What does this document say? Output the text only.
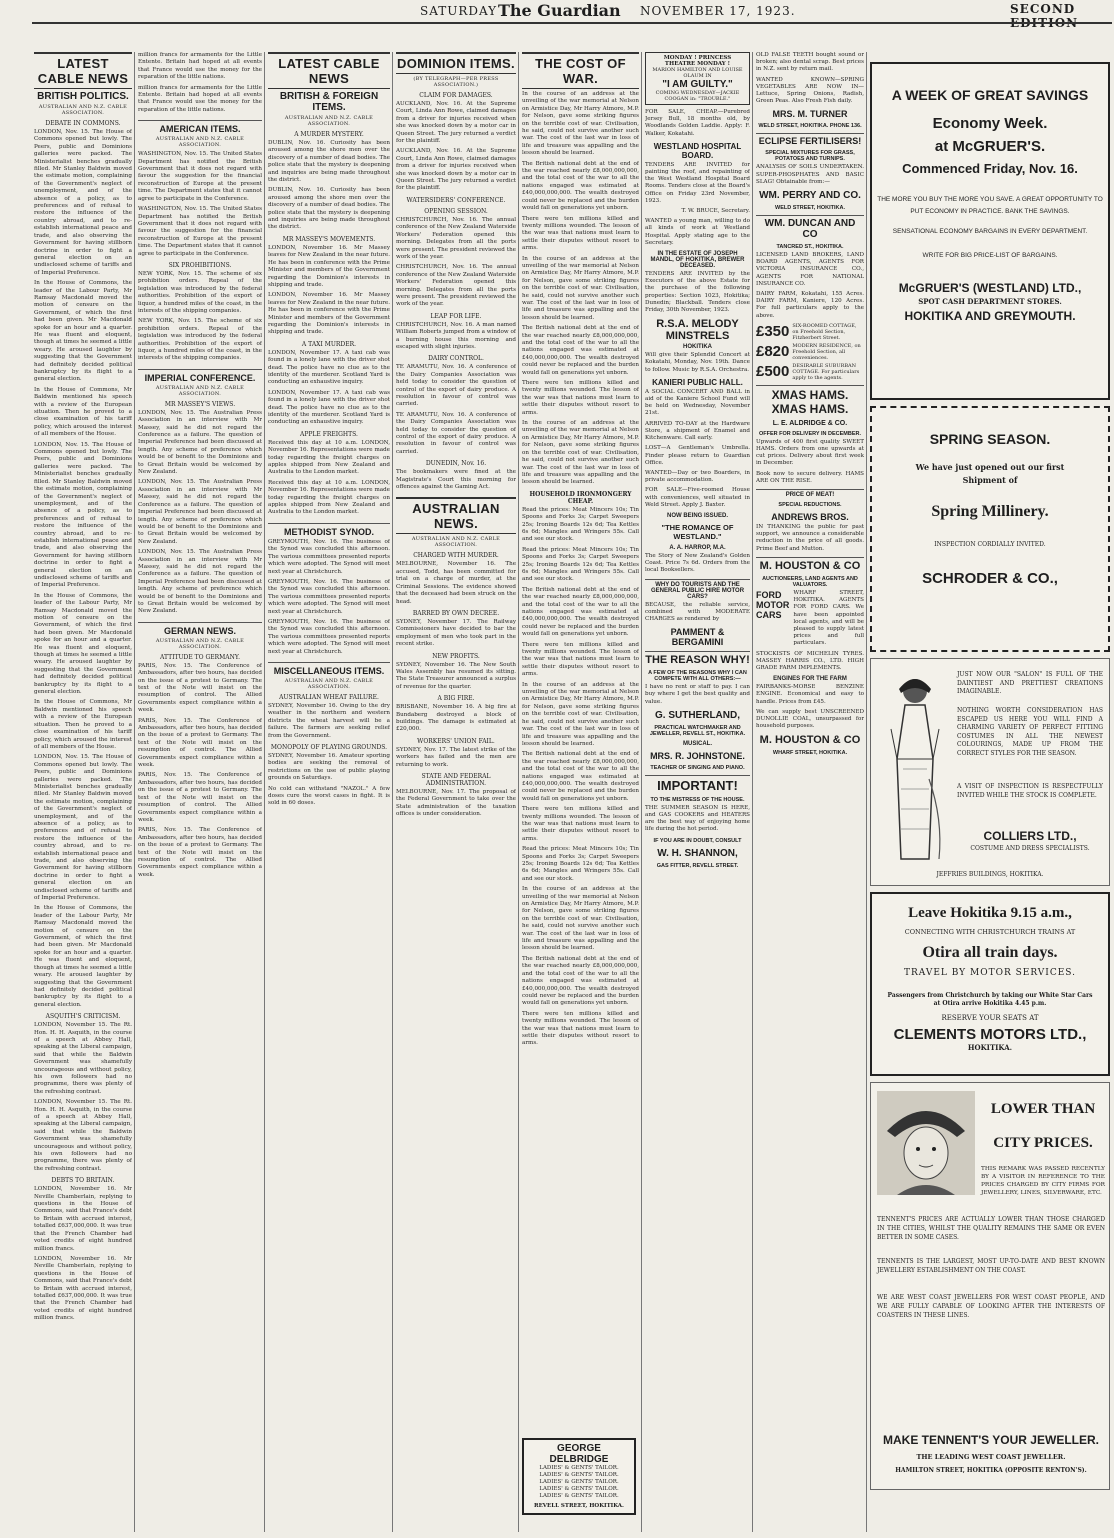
SATURDAY The Guardian NOVEMBER 17, 1923.	SECOND EDITION
LATEST CABLE NEWS
BRITISH POLITICS.
AUSTRALIAN AND N.Z. CABLE ASSOCIATION.
DEBATE IN COMMONS.

LONDON, Nov. 15. The House of Commons opened but lowly. The Peers, public and Dominions galleries were packed. The Ministerialist benches gradually filled. Mr Stanley Baldwin moved the estimate motion, complaining of the Government's neglect of unemployment, and of the absence of a policy, as to preferences and of refusal to restore the influence of the country abroad, and to re-establish international peace and trade, and also observing the Government for having stillborn doctrine in order to fight a general election on an undisclosed scheme of tariffs and of Imperial Preference.

In the House of Commons, the leader of the Labour Party, Mr Ramsay Macdonald moved the motion of censure on the Government, of which the first had been given. Mr Macdonald spoke for an hour and a quarter. He was fluent and eloquent, though at times he seemed a little weary. He aroused laughter by suggesting that the Government had definitely decided political bankruptcy by its flight to a general election.

In the House of Commons, Mr Baldwin mentioned his speech with a review of the European situation. Then he proved to a close examination of his tariff policy, which aroused the interest of all members of the House.

LONDON, Nov. 15. The House of Commons opened but lowly. The Peers, public and Dominions galleries were packed. The Ministerialist benches gradually filled. Mr Stanley Baldwin moved the estimate motion, complaining of the Government's neglect of unemployment, and of the absence of a policy, as to preferences and of refusal to restore the influence of the country abroad, and to re-establish international peace and trade, and also observing the Government for having stillborn doctrine in order to fight a general election on an undisclosed scheme of tariffs and of Imperial Preference.

In the House of Commons, the leader of the Labour Party, Mr Ramsay Macdonald moved the motion of censure on the Government, of which the first had been given. Mr Macdonald spoke for an hour and a quarter. He was fluent and eloquent, though at times he seemed a little weary. He aroused laughter by suggesting that the Government had definitely decided political bankruptcy by its flight to a general election.

In the House of Commons, Mr Baldwin mentioned his speech with a review of the European situation. Then he proved to a close examination of his tariff policy, which aroused the interest of all members of the House.

LONDON, Nov. 15. The House of Commons opened but lowly. The Peers, public and Dominions galleries were packed. The Ministerialist benches gradually filled. Mr Stanley Baldwin moved the estimate motion, complaining of the Government's neglect of unemployment, and of the absence of a policy, as to preferences and of refusal to restore the influence of the country abroad, and to re-establish international peace and trade, and also observing the Government for having stillborn doctrine in order to fight a general election on an undisclosed scheme of tariffs and of Imperial Preference.

In the House of Commons, the leader of the Labour Party, Mr Ramsay Macdonald moved the motion of censure on the Government, of which the first had been given. Mr Macdonald spoke for an hour and a quarter. He was fluent and eloquent, though at times he seemed a little weary. He aroused laughter by suggesting that the Government had definitely decided political bankruptcy by its flight to a general election.

ASQUITH'S CRITICISM.

LONDON, November 15. The Rt. Hon. H. H. Asquith, in the course of a speech at Abbey Hall, speaking at the Liberal campaign, said that while the Baldwin Government was shamefully uncourageous and without policy, his own followers had no programme, there was plenty of the refreshing contrast.

LONDON, November 15. The Rt. Hon. H. H. Asquith, in the course of a speech at Abbey Hall, speaking at the Liberal campaign, said that while the Baldwin Government was shamefully uncourageous and without policy, his own followers had no programme, there was plenty of the refreshing contrast.

DEBTS TO BRITAIN.

LONDON, November 16. Mr Neville Chamberlain, replying to questions in the House of Commons, said that France's debt to Britain with accrued interest, totalled £637,000,000. It was true that the French Chamber had voted credits of eight hundred million francs.

LONDON, November 16. Mr Neville Chamberlain, replying to questions in the House of Commons, said that France's debt to Britain with accrued interest, totalled £637,000,000. It was true that the French Chamber had voted credits of eight hundred million francs.

million francs for armaments for the Little Entente. Britain had hoped at all events that France would use the money for the reparation of the little nations.

million francs for armaments for the Little Entente. Britain had hoped at all events that France would use the money for the reparation of the little nations.

AMERICAN ITEMS.
AUSTRALIAN AND N.Z. CABLE ASSOCIATION.

WASHINGTON, Nov. 15. The United States Department has notified the British Government that it does not regard with favour the suggestion for the financial reconstruction of Europe at the present time. The Department states that it cannot agree to participate in the Conference.

WASHINGTON, Nov. 15. The United States Department has notified the British Government that it does not regard with favour the suggestion for the financial reconstruction of Europe at the present time. The Department states that it cannot agree to participate in the Conference.

SIX PROHIBITIONS.

NEW YORK, Nov. 15. The scheme of six prohibition orders. Repeal of the legislation was introduced by the federal authorities. Prohibition of the export of liquor, a hundred miles of the coast, in the interests of the shipping companies.

NEW YORK, Nov. 15. The scheme of six prohibition orders. Repeal of the legislation was introduced by the federal authorities. Prohibition of the export of liquor, a hundred miles of the coast, in the interests of the shipping companies.

IMPERIAL CONFERENCE.
AUSTRALIAN AND N.Z. CABLE ASSOCIATION.
MR MASSEY'S VIEWS.

LONDON, Nov. 15. The Australian Press Association in an interview with Mr Massey, said he did not regard the Conference as a failure. The question of Imperial Preference had been discussed at length. Any scheme of preference which would be of benefit to the Dominions and to Great Britain would be welcomed by New Zealand.

LONDON, Nov. 15. The Australian Press Association in an interview with Mr Massey, said he did not regard the Conference as a failure. The question of Imperial Preference had been discussed at length. Any scheme of preference which would be of benefit to the Dominions and to Great Britain would be welcomed by New Zealand.

LONDON, Nov. 15. The Australian Press Association in an interview with Mr Massey, said he did not regard the Conference as a failure. The question of Imperial Preference had been discussed at length. Any scheme of preference which would be of benefit to the Dominions and to Great Britain would be welcomed by New Zealand.

GERMAN NEWS.
AUSTRALIAN AND N.Z. CABLE ASSOCIATION.
ATTITUDE TO GERMANY.

PARIS, Nov. 15. The Conference of Ambassadors, after two hours, has decided on the issue of a protest to Germany. The text of the Note will insist on the resumption of control. The Allied Governments expect compliance within a week.

PARIS, Nov. 15. The Conference of Ambassadors, after two hours, has decided on the issue of a protest to Germany. The text of the Note will insist on the resumption of control. The Allied Governments expect compliance within a week.

PARIS, Nov. 15. The Conference of Ambassadors, after two hours, has decided on the issue of a protest to Germany. The text of the Note will insist on the resumption of control. The Allied Governments expect compliance within a week.

PARIS, Nov. 15. The Conference of Ambassadors, after two hours, has decided on the issue of a protest to Germany. The text of the Note will insist on the resumption of control. The Allied Governments expect compliance within a week.

LATEST CABLE NEWS
BRITISH & FOREIGN ITEMS.
AUSTRALIAN AND N.Z. CABLE ASSOCIATION.
A MURDER MYSTERY.

DUBLIN, Nov. 16. Curiosity has been aroused among the shore men over the discovery of a number of dead bodies. The police state that the mystery is deepening and inquiries are being made throughout the district.

DUBLIN, Nov. 16. Curiosity has been aroused among the shore men over the discovery of a number of dead bodies. The police state that the mystery is deepening and inquiries are being made throughout the district.

MR MASSEY'S MOVEMENTS.

LONDON, November 16. Mr Massey leaves for New Zealand in the near future. He has been in conference with the Prime Minister and members of the Government regarding the Dominion's interests in shipping and trade.

LONDON, November 16. Mr Massey leaves for New Zealand in the near future. He has been in conference with the Prime Minister and members of the Government regarding the Dominion's interests in shipping and trade.

A TAXI MURDER.

LONDON, November 17. A taxi cab was found in a lonely lane with the driver shot dead. The police have no clue as to the identity of the murderer. Scotland Yard is conducting an exhaustive inquiry.

LONDON, November 17. A taxi cab was found in a lonely lane with the driver shot dead. The police have no clue as to the identity of the murderer. Scotland Yard is conducting an exhaustive inquiry.

APPLE FREIGHTS.

Received this day at 10 a.m. LONDON, November 16. Representations were made today regarding the freight charges on apples shipped from New Zealand and Australia to the London market.

Received this day at 10 a.m. LONDON, November 16. Representations were made today regarding the freight charges on apples shipped from New Zealand and Australia to the London market.

METHODIST SYNOD.

GREYMOUTH, Nov. 16. The business of the Synod was concluded this afternoon. The various committees presented reports which were adopted. The Synod will meet next year at Christchurch.

GREYMOUTH, Nov. 16. The business of the Synod was concluded this afternoon. The various committees presented reports which were adopted. The Synod will meet next year at Christchurch.

GREYMOUTH, Nov. 16. The business of the Synod was concluded this afternoon. The various committees presented reports which were adopted. The Synod will meet next year at Christchurch.

MISCELLANEOUS ITEMS.
AUSTRALIAN AND N.Z. CABLE ASSOCIATION.
AUSTRALIAN WHEAT FAILURE.

SYDNEY, November 16. Owing to the dry weather in the northern and western districts the wheat harvest will be a failure. The farmers are seeking relief from the Government.

MONOPOLY OF PLAYING GROUNDS.

SYDNEY, November 16. Amateur sporting bodies are seeking the removal of restrictions on the use of public playing grounds on Saturdays.

No cold can withstand "NAZOL." A few doses cure the worst cases in fight. It is sold in 60 doses.

DOMINION ITEMS.
(BY TELEGRAPH—PER PRESS ASSOCIATION.)
CLAIM FOR DAMAGES.

AUCKLAND, Nov. 16. At the Supreme Court, Linda Ann Rowe, claimed damages from a driver for injuries received when she was knocked down by a motor car in Queen Street. The jury returned a verdict for the plaintiff.

AUCKLAND, Nov. 16. At the Supreme Court, Linda Ann Rowe, claimed damages from a driver for injuries received when she was knocked down by a motor car in Queen Street. The jury returned a verdict for the plaintiff.

WATERSIDERS' CONFERENCE.
OPENING SESSION.

CHRISTCHURCH, Nov. 16. The annual conference of the New Zealand Waterside Workers' Federation opened this morning. Delegates from all the ports were present. The president reviewed the work of the year.

CHRISTCHURCH, Nov. 16. The annual conference of the New Zealand Waterside Workers' Federation opened this morning. Delegates from all the ports were present. The president reviewed the work of the year.

LEAP FOR LIFE.

CHRISTCHURCH, Nov. 16. A man named William Roberts jumped from a window of a burning house this morning and escaped with slight injuries.

DAIRY CONTROL.

TE ARAMUTU, Nov. 16. A conference of the Dairy Companies Association was held today to consider the question of control of the export of dairy produce. A resolution in favour of control was carried.

TE ARAMUTU, Nov. 16. A conference of the Dairy Companies Association was held today to consider the question of control of the export of dairy produce. A resolution in favour of control was carried.

DUNEDIN, Nov. 16.

The bookmakers were fined at the Magistrate's Court this morning for offences against the Gaming Act.

AUSTRALIAN NEWS.
AUSTRALIAN AND N.Z. CABLE ASSOCIATION.
CHARGED WITH MURDER.

MELBOURNE, November 16. The accused, Todd, has been committed for trial on a charge of murder, at the Criminal Sessions. The evidence showed that the deceased had been struck on the head.

BARRED BY OWN DECREE.

SYDNEY, November 17. The Railway Commissioners have decided to bar the employment of men who took part in the recent strike.

NEW PROFITS.

SYDNEY, November 16. The New South Wales Assembly has resumed its sitting. The State Treasurer announced a surplus of revenue for the quarter.

A BIG FIRE.

BRISBANE, November 16. A big fire at Bundaberg destroyed a block of buildings. The damage is estimated at £20,000.

WORKERS' UNION FAIL.

SYDNEY, Nov. 17. The latest strike of the workers has failed and the men are returning to work.

STATE AND FEDERAL ADMINISTRATION.

MELBOURNE, Nov. 17. The proposal of the Federal Government to take over the State administration of the taxation offices is under consideration.

THE COST OF WAR.

In the course of an address at the unveiling of the war memorial at Nelson on Armistice Day, Mr Harry Atmore, M.P. for Nelson, gave some striking figures on the terrible cost of war. Civilisation, he said, could not survive another such war. The cost of the last war in loss of life and treasure was appalling and the lesson should be learned.

The British national debt at the end of the war reached nearly £8,000,000,000, and the total cost of the war to all the nations engaged was estimated at £40,000,000,000. The wealth destroyed could never be replaced and the burden would fall on generations yet unborn.

There were ten millions killed and twenty millions wounded. The lesson of the war was that nations must learn to settle their disputes without resort to arms.

In the course of an address at the unveiling of the war memorial at Nelson on Armistice Day, Mr Harry Atmore, M.P. for Nelson, gave some striking figures on the terrible cost of war. Civilisation, he said, could not survive another such war. The cost of the last war in loss of life and treasure was appalling and the lesson should be learned.

The British national debt at the end of the war reached nearly £8,000,000,000, and the total cost of the war to all the nations engaged was estimated at £40,000,000,000. The wealth destroyed could never be replaced and the burden would fall on generations yet unborn.

There were ten millions killed and twenty millions wounded. The lesson of the war was that nations must learn to settle their disputes without resort to arms.

In the course of an address at the unveiling of the war memorial at Nelson on Armistice Day, Mr Harry Atmore, M.P. for Nelson, gave some striking figures on the terrible cost of war. Civilisation, he said, could not survive another such war. The cost of the last war in loss of life and treasure was appalling and the lesson should be learned.

HOUSEHOLD IRONMONGERY CHEAP.

Read the prices: Meat Mincers 10s; Tin Spoons and Forks 3s; Carpet Sweepers 25s; Ironing Boards 12s 6d; Tea Kettles 6s 6d; Mangles and Wringers 55s. Call and see our stock.

Read the prices: Meat Mincers 10s; Tin Spoons and Forks 3s; Carpet Sweepers 25s; Ironing Boards 12s 6d; Tea Kettles 6s 6d; Mangles and Wringers 55s. Call and see our stock.

The British national debt at the end of the war reached nearly £8,000,000,000, and the total cost of the war to all the nations engaged was estimated at £40,000,000,000. The wealth destroyed could never be replaced and the burden would fall on generations yet unborn.

There were ten millions killed and twenty millions wounded. The lesson of the war was that nations must learn to settle their disputes without resort to arms.

In the course of an address at the unveiling of the war memorial at Nelson on Armistice Day, Mr Harry Atmore, M.P. for Nelson, gave some striking figures on the terrible cost of war. Civilisation, he said, could not survive another such war. The cost of the last war in loss of life and treasure was appalling and the lesson should be learned.

The British national debt at the end of the war reached nearly £8,000,000,000, and the total cost of the war to all the nations engaged was estimated at £40,000,000,000. The wealth destroyed could never be replaced and the burden would fall on generations yet unborn.

There were ten millions killed and twenty millions wounded. The lesson of the war was that nations must learn to settle their disputes without resort to arms.

Read the prices: Meat Mincers 10s; Tin Spoons and Forks 3s; Carpet Sweepers 25s; Ironing Boards 12s 6d; Tea Kettles 6s 6d; Mangles and Wringers 55s. Call and see our stock.

In the course of an address at the unveiling of the war memorial at Nelson on Armistice Day, Mr Harry Atmore, M.P. for Nelson, gave some striking figures on the terrible cost of war. Civilisation, he said, could not survive another such war. The cost of the last war in loss of life and treasure was appalling and the lesson should be learned.

The British national debt at the end of the war reached nearly £8,000,000,000, and the total cost of the war to all the nations engaged was estimated at £40,000,000,000. The wealth destroyed could never be replaced and the burden would fall on generations yet unborn.

There were ten millions killed and twenty millions wounded. The lesson of the war was that nations must learn to settle their disputes without resort to arms.

GEORGE DELBRIDGE
LADIES' & GENTS' TAILOR.
LADIES' & GENTS' TAILOR.
LADIES' & GENTS' TAILOR.
LADIES' & GENTS' TAILOR.
LADIES' & GENTS' TAILOR.
REVELL STREET, HOKITIKA.
MONDAY ! PRINCESS THEATRE MONDAY !
MARION HAMILTON AND LOUISE OLAUM IN
"I AM GUILTY."
COMING WEDNESDAY—JACKIE COOGAN in: "TROUBLE."

FOR SALE, CHEAP.—Purebred Jersey Bull, 18 months old, by Woodlands Golden Laddie. Apply: F. Walker, Kokatahi.

WESTLAND HOSPITAL BOARD.

TENDERS ARE INVITED for painting the roof, and repainting of the West Westland Hospital Board Rooms. Tenders close at the Board's Office on Friday 23rd November, 1923.

T. W. BRUCE, Secretary.

WANTED a young man, willing to do all kinds of work at Westland Hospital. Apply stating age to the Secretary.

IN THE ESTATE OF JOSEPH MANDL, OF HOKITIKA, BREWER DECEASED.

TENDERS ARE INVITED by the Executors of the above Estate for the purchase of the following properties: Section 1023, Hokitika; Dunedin; Blackball. Tenders close Friday, 30th November, 1923.

R.S.A. MELODY MINSTRELS
HOKITIKA

Will give their Splendid Concert at Kokatahi, Monday, Nov. 19th. Dance to follow. Music by R.S.A. Orchestra.

KANIERI PUBLIC HALL.

A SOCIAL CONCERT AND BALL in aid of the Kaniere School Fund will be held on Wednesday, November 21st.

ARRIVED TO-DAY at the Hardware Store, a shipment of Enamel and Kitchenware. Call early.

LOST—A Gentleman's Umbrella. Finder please return to Guardian Office.

WANTED—Day or two Boarders, in private accommodation.

FOR SALE—Five-roomed House with conveniences, well situated in Weld Street. Apply J. Baxter.

NOW BEING ISSUED.
"THE ROMANCE OF WESTLAND."
A. A. HARROP, M.A.

The Story of New Zealand's Golden Coast. Price 7s 6d. Orders from the local Booksellers.

WHY DO TOURISTS AND THE GENERAL PUBLIC HIRE MOTOR CARS?

BECAUSE, the reliable service, combined with MODERATE CHARGES as rendered by

PAMMENT & BERGAMINI
THE REASON WHY!
A FEW OF THE REASONS WHY I CAN COMPETE WITH ALL OTHERS:—

I have no rent or staff to pay. I can buy where I get the best quality and value.

G. SUTHERLAND,
PRACTICAL WATCHMAKER AND JEWELLER, REVELL ST., HOKITIKA.
MUSICAL.
MRS. R. JOHNSTONE.
TEACHER OF SINGING AND PIANO.
IMPORTANT!
TO THE MISTRESS OF THE HOUSE.

THE SUMMER SEASON IS HERE, and GAS COOKERS and HEATERS are the best way of enjoying home life during the hot period.

IF YOU ARE IN DOUBT, CONSULT
W. H. SHANNON,
GAS FITTER, REVELL STREET.

OLD FALSE TEETH bought sound or broken; also dental scrap. Best prices in N.Z. sent by return mail.

WANTED KNOWN—SPRING VEGETABLES ARE NOW IN—Lettuce, Spring Onions, Radish, Green Peas. Also Fresh Fish daily.

MRS. M. TURNER
WELD STREET, HOKITIKA. PHONE 136.
ECLIPSE FERTILISERS!
SPECIAL MIXTURES FOR GRASS, POTATOES AND TURNIPS.

ANALYSIS OF SOILS UNDERTAKEN. SUPER-PHOSPHATES AND BASIC SLAG! Obtainable from:—

WM. PERRY AND CO.
WELD STREET, HOKITIKA.
WM. DUNCAN AND CO
TANCRED ST., HOKITIKA.

LICENSED LAND BROKERS, LAND BOARD AGENTS, AGENTS FOR VICTORIA INSURANCE CO., AGENTS FOR NATIONAL INSURANCE CO.

DAIRY FARM, Kokatahi, 155 Acres. DAIRY FARM, Kaniere, 120 Acres. For full particulars apply to the above.

£350 SIX-ROOMED COTTAGE, on Freehold Section, Fitzherbert Street.
£820 MODERN RESIDENCE, on Freehold Section, all conveniences.
£500 DESIRABLE SUBURBAN COTTAGE. For particulars apply to the agents.
XMAS HAMS.
XMAS HAMS.
L. E. ALDRIDGE & CO.
OFFER FOR DELIVERY IN DECEMBER.

Upwards of 400 first quality SWEET HAMS. Orders from one upwards at cut prices. Delivery about first week in December.

Book now to secure delivery. HAMS ARE ON THE RISE.

PRICE OF MEAT!
SPECIAL REDUCTIONS.
ANDREWS BROS.

IN THANKING the public for past support, we announce a considerable reduction in the price of all goods. Prime Beef and Mutton.

M. HOUSTON & CO
AUCTIONEERS, LAND AGENTS AND VALUATORS.
FORD
MOTOR
CARS

WHARF STREET, HOKITIKA. AGENTS FOR FORD CARS. We have been appointed local agents, and will be pleased to supply latest prices and full particulars.

STOCKISTS OF MICHELIN TYRES. MASSEY HARRIS CO., LTD. HIGH GRADE FARM IMPLEMENTS.

ENGINES FOR THE FARM

FAIRBANKS-MORSE BENZINE ENGINE. Economical and easy to handle. Prices from £45.

We can supply best UNSCREENED DUNOLLIE COAL, unsurpassed for household purposes.

M. HOUSTON & CO
WHARF STREET, HOKITIKA.
A WEEK OF GREAT SAVINGS
Economy Week.
at McGRUER'S.
Commenced Friday, Nov. 16.
THE MORE YOU BUY THE MORE YOU SAVE. A GREAT OPPORTUNITY TO PUT ECONOMY IN PRACTICE. BANK THE SAVINGS.
SENSATIONAL ECONOMY BARGAINS IN EVERY DEPARTMENT.
WRITE FOR BIG PRICE-LIST OF BARGAINS.
McGRUER'S (WESTLAND) LTD.,
SPOT CASH DEPARTMENT STORES.
HOKITIKA AND GREYMOUTH.
SPRING SEASON.
We have just opened out our first Shipment of
Spring Millinery.
INSPECTION CORDIALLY INVITED.
SCHRODER & CO.,
JUST NOW OUR "SALON" IS FULL OF THE DAINTIEST AND PRETTIEST CREATIONS IMAGINABLE.
NOTHING WORTH CONSIDERATION HAS ESCAPED US HERE YOU WILL FIND A CHARMING VARIETY OF PERFECT FITTING COSTUMES IN ALL THE NEWEST COLOURINGS, MADE UP FROM THE CORRECT STYLES FOR THE SEASON.
A VISIT OF INSPECTION IS RESPECTFULLY INVITED WHILE THE STOCK IS COMPLETE.
COLLIERS LTD.,
COSTUME AND DRESS SPECIALISTS.
JEFFRIES BUILDINGS, HOKITIKA.
Leave Hokitika 9.15 a.m.,
CONNECTING WITH CHRISTCHURCH TRAINS AT
Otira all train days.
TRAVEL BY MOTOR SERVICES.
Passengers from Christchurch by taking our White Star Cars at Otira arrive Hokitika 4.45 p.m.
RESERVE YOUR SEATS AT
CLEMENTS MOTORS LTD.,
HOKITIKA.
LOWER THAN
CITY PRICES.
THIS REMARK WAS PASSED RECENTLY BY A VISITOR IN REFERENCE TO THE PRICES CHARGED BY CITY FIRMS FOR JEWELLERY, LINES, SILVERWARE, ETC.
TENNENT'S PRICES ARE ACTUALLY LOWER THAN THOSE CHARGED IN THE CITIES, WHILST THE QUALITY REMAINS THE SAME OR EVEN BETTER IN SOME CASES.
TENNENTS IS THE LARGEST, MOST UP-TO-DATE AND BEST KNOWN JEWELLERY ESTABLISHMENT ON THE COAST.
WE ARE WEST COAST JEWELLERS FOR WEST COAST PEOPLE, AND WE ARE FULLY CAPABLE OF LOOKING AFTER THE INTERESTS OF COASTERS IN THESE LINES.
MAKE TENNENT'S YOUR JEWELLER.
THE LEADING WEST COAST JEWELLER.
HAMILTON STREET, HOKITIKA (OPPOSITE RENTON'S).
